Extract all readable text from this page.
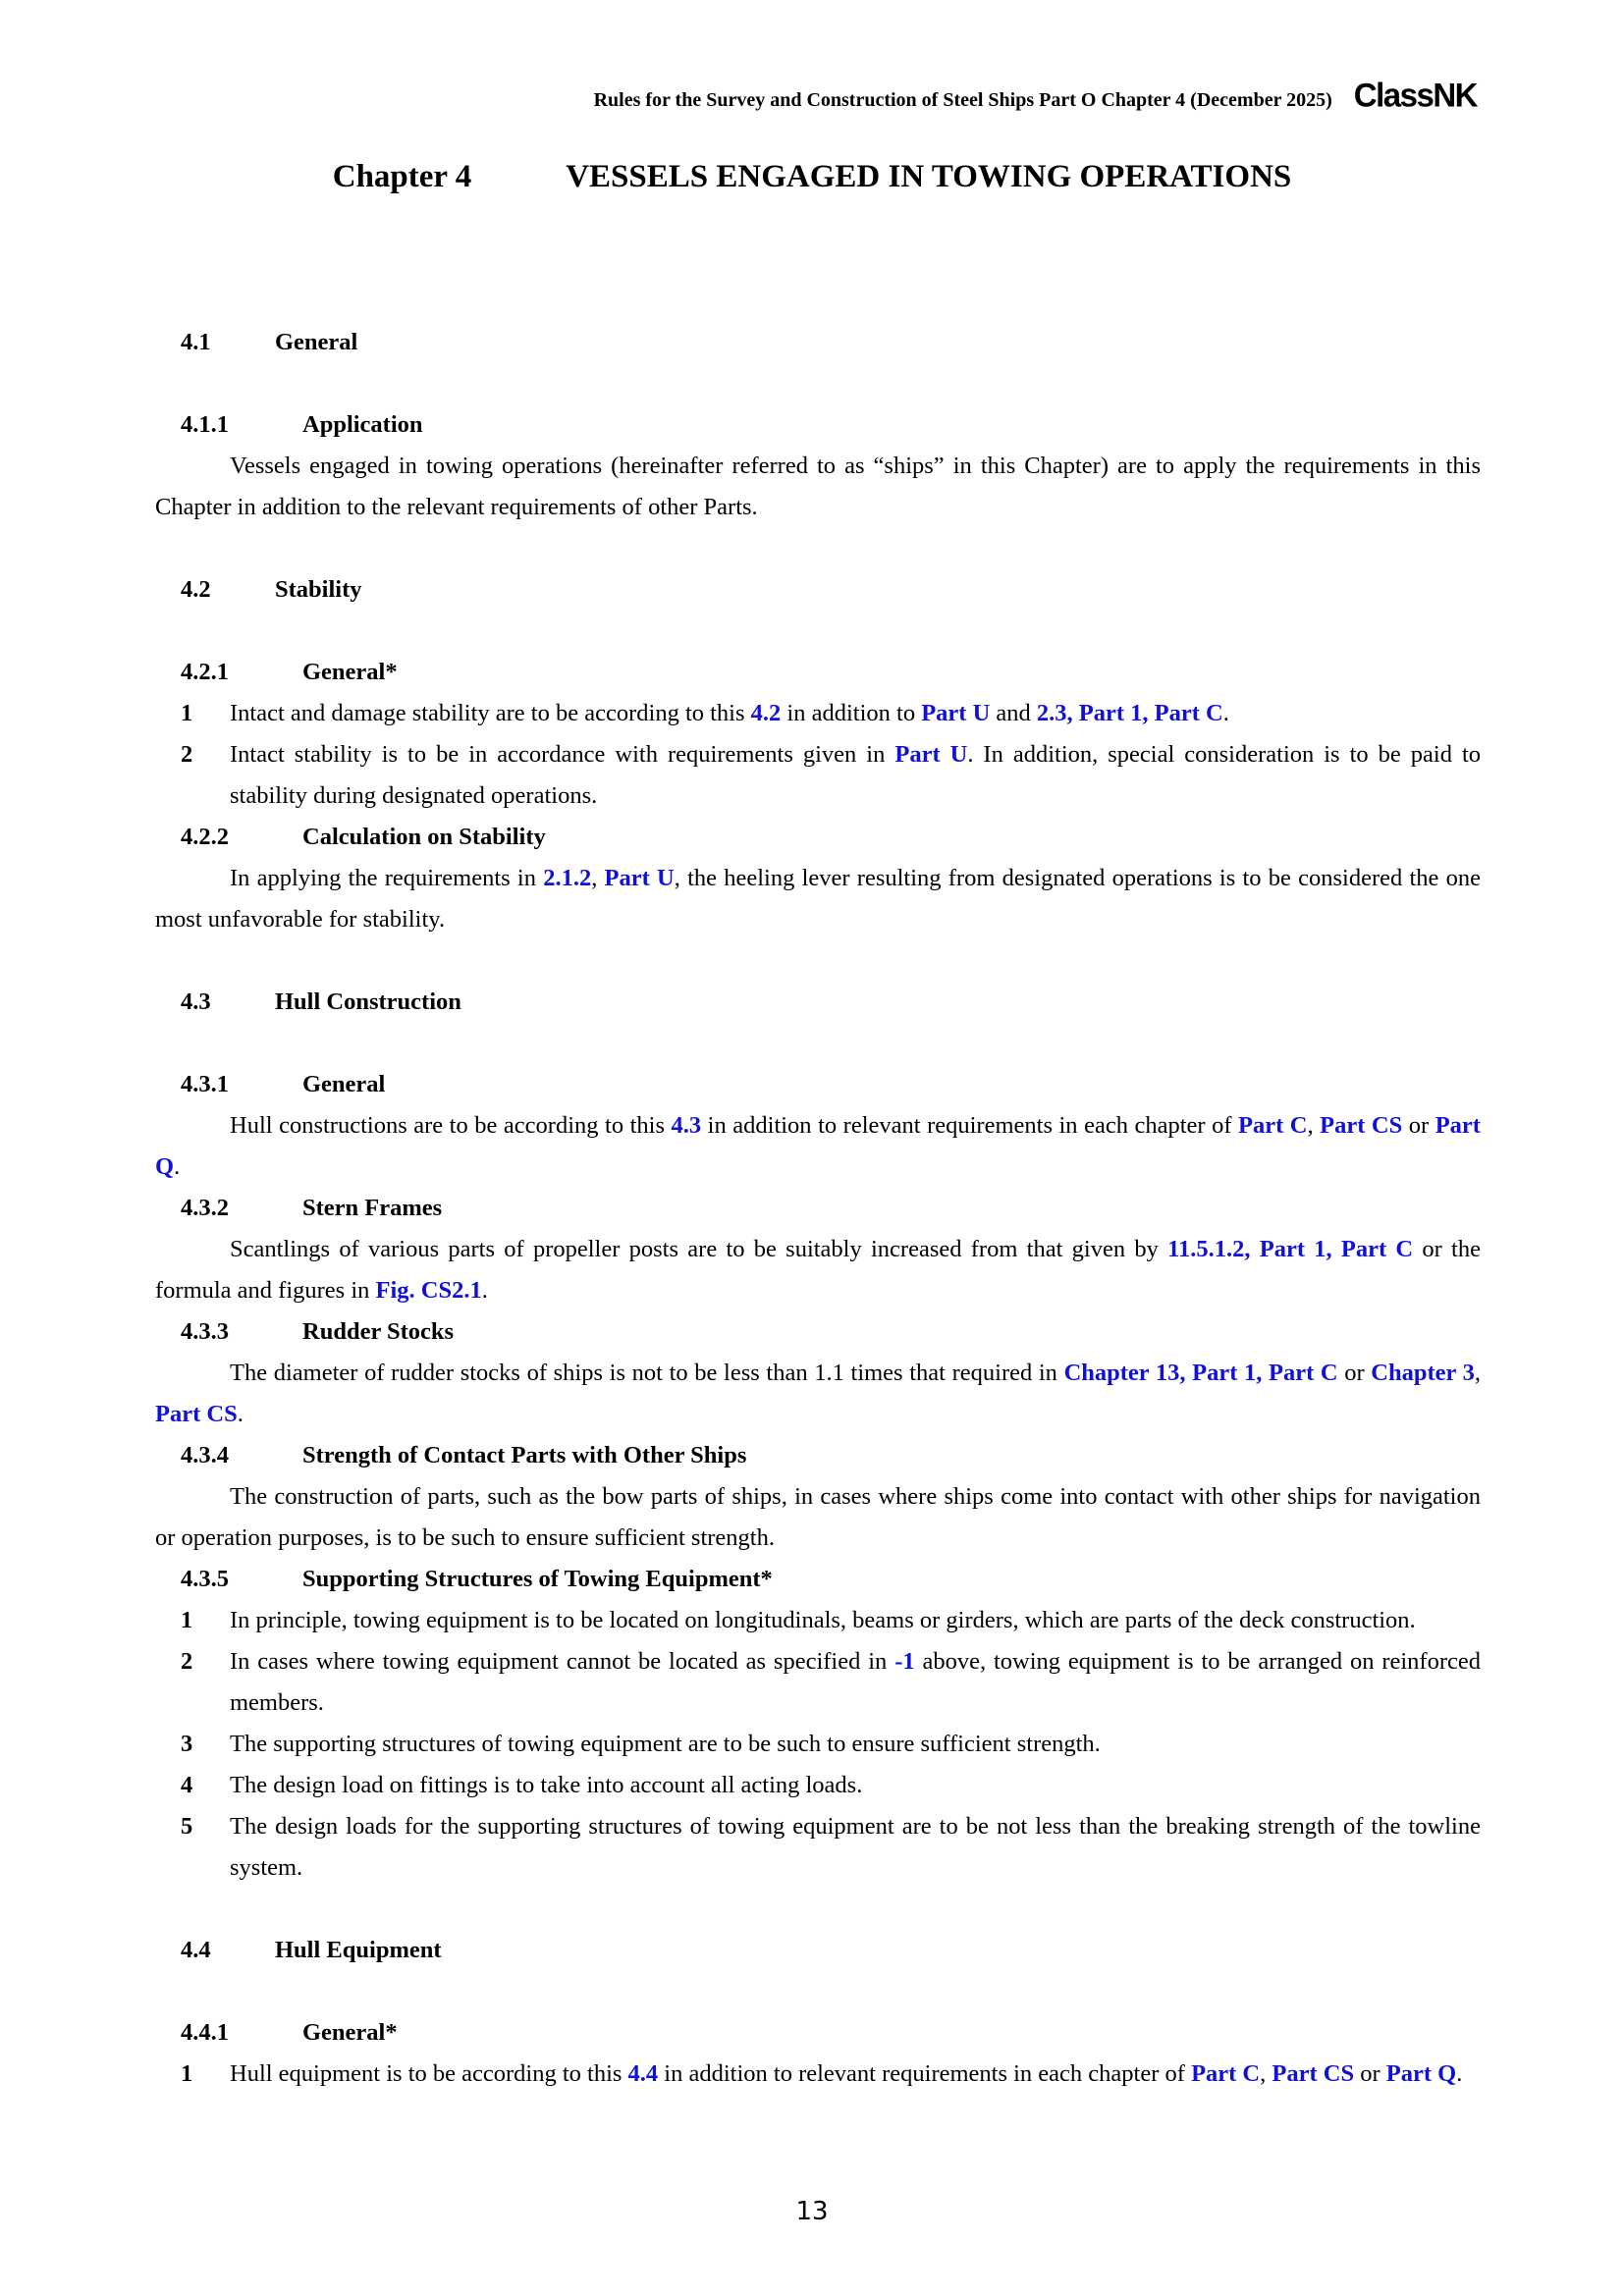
Rules for the Survey and Construction of Steel Ships Part O Chapter 4 (December 2025) ClassNK
Chapter 4	VESSELS ENGAGED IN TOWING OPERATIONS
4.1	General
4.1.1	Application

Vessels engaged in towing operations (hereinafter referred to as “ships” in this Chapter) are to apply the requirements in this Chapter in addition to the relevant requirements of other Parts.

4.2	Stability
4.2.1	General*

1 Intact and damage stability are to be according to this 4.2 in addition to Part U and 2.3, Part 1, Part C.

2 Intact stability is to be in accordance with requirements given in Part U. In addition, special consideration is to be paid to stability during designated operations.

4.2.2	Calculation on Stability

In applying the requirements in 2.1.2, Part U, the heeling lever resulting from designated operations is to be considered the one most unfavorable for stability.

4.3	Hull Construction
4.3.1	General

Hull constructions are to be according to this 4.3 in addition to relevant requirements in each chapter of Part C, Part CS or Part Q.

4.3.2	Stern Frames

Scantlings of various parts of propeller posts are to be suitably increased from that given by 11.5.1.2, Part 1, Part C or the formula and figures in Fig. CS2.1.

4.3.3	Rudder Stocks

The diameter of rudder stocks of ships is not to be less than 1.1 times that required in Chapter 13, Part 1, Part C or Chapter 3, Part CS.

4.3.4	Strength of Contact Parts with Other Ships

The construction of parts, such as the bow parts of ships, in cases where ships come into contact with other ships for navigation or operation purposes, is to be such to ensure sufficient strength.

4.3.5	Supporting Structures of Towing Equipment*

1 In principle, towing equipment is to be located on longitudinals, beams or girders, which are parts of the deck construction.

2 In cases where towing equipment cannot be located as specified in -1 above, towing equipment is to be arranged on reinforced members.

3 The supporting structures of towing equipment are to be such to ensure sufficient strength.

4 The design load on fittings is to take into account all acting loads.

5 The design loads for the supporting structures of towing equipment are to be not less than the breaking strength of the towline system.

4.4	Hull Equipment
4.4.1	General*

1 Hull equipment is to be according to this 4.4 in addition to relevant requirements in each chapter of Part C, Part CS or Part Q.

13
